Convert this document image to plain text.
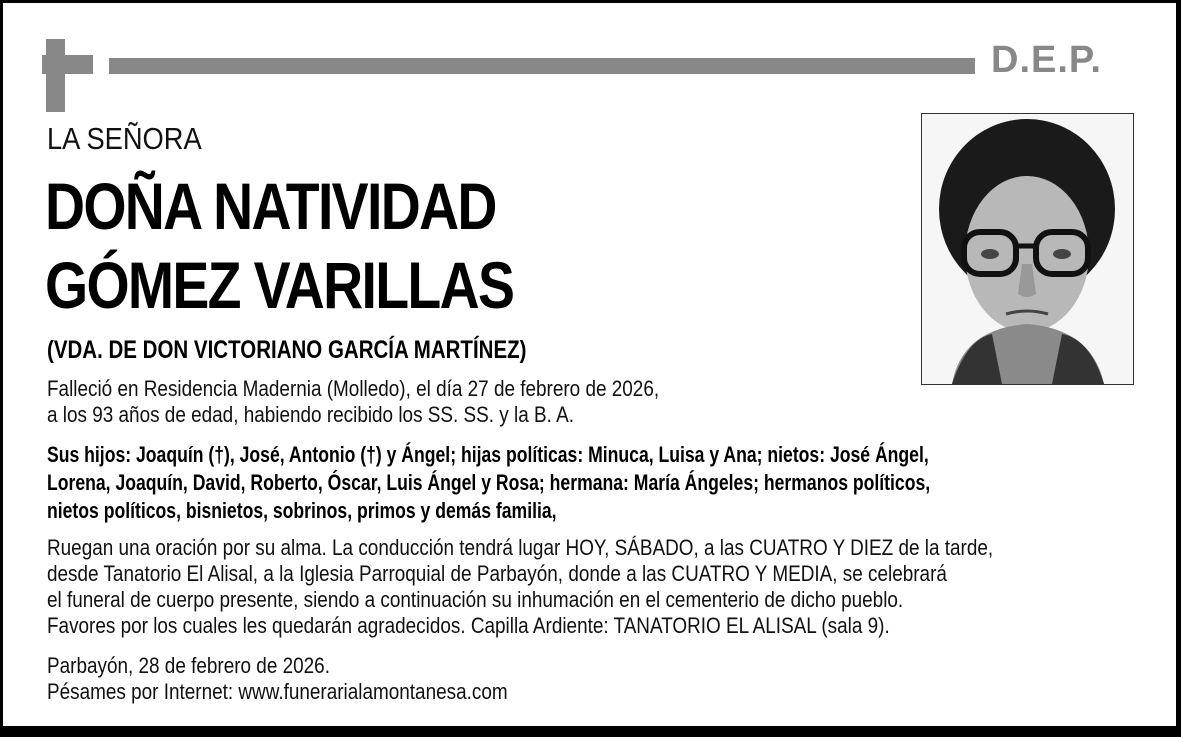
D.E.P.
LA SEÑORA
DOÑA NATIVIDAD
GÓMEZ VARILLAS
(VDA. DE DON VICTORIANO GARCÍA MARTÍNEZ)
Falleció en Residencia Madernia (Molledo), el día 27 de febrero de 2026,
a los 93 años de edad, habiendo recibido los SS. SS. y la B. A.
Sus hijos: Joaquín (†), José, Antonio (†) y Ángel; hijas políticas: Minuca, Luisa y Ana; nietos: José Ángel,
Lorena, Joaquín, David, Roberto, Óscar, Luis Ángel y Rosa; hermana: María Ángeles; hermanos políticos,
nietos políticos, bisnietos, sobrinos, primos y demás familia,
Ruegan una oración por su alma. La conducción tendrá lugar HOY, SÁBADO, a las CUATRO Y DIEZ de la tarde,
desde Tanatorio El Alisal, a la Iglesia Parroquial de Parbayón, donde a las CUATRO Y MEDIA, se celebrará
el funeral de cuerpo presente, siendo a continuación su inhumación en el cementerio de dicho pueblo.
Favores por los cuales les quedarán agradecidos. Capilla Ardiente: TANATORIO EL ALISAL (sala 9).
Parbayón, 28 de febrero de 2026.
Pésames por Internet: www.funerarialamontanesa.com
